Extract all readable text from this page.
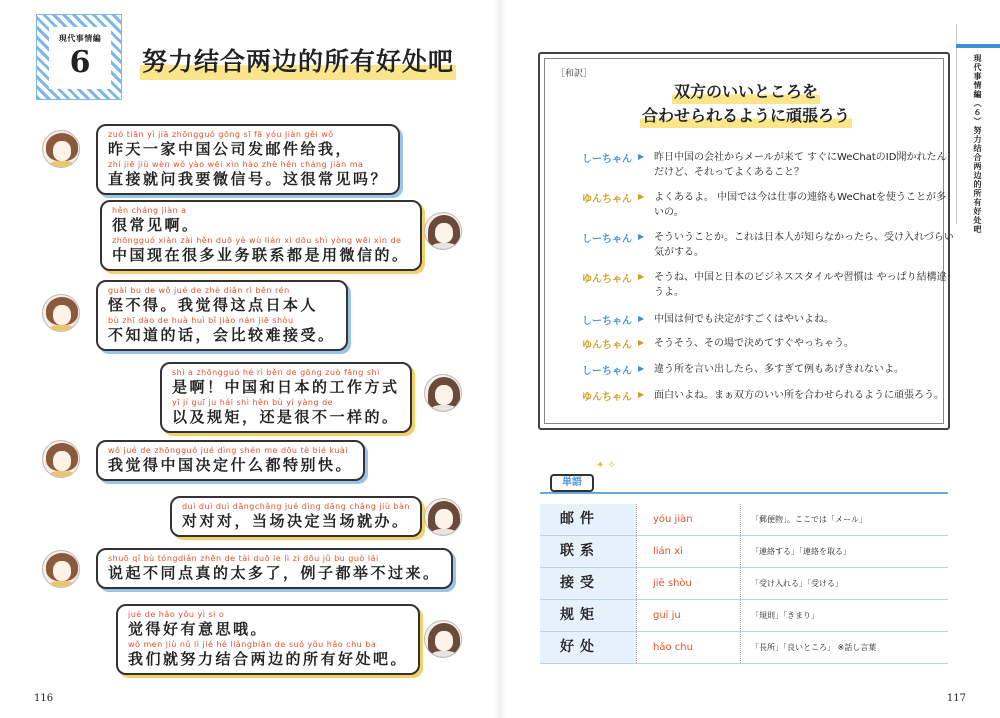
現代事情編
6	努力结合两边的所有好处吧
zuó tiān yì jiā zhōngguó gōng sī fā yóu jiàn gěi wǒ
昨天一家中国公司发邮件给我，
zhí jiē jiù wèn wǒ yào wēi xìn hào zhè hěn cháng jiàn ma
直接就问我要微信号。这很常见吗？
hěn cháng jiàn a
很常见啊。
zhōngguó xiàn zài hěn duō yè wù lián xì dōu shì yòng wēi xìn de
中国现在很多业务联系都是用微信的。
guài bu de wǒ jué de zhè diǎn rì běn rén
怪不得。我觉得这点日本人
bù zhī dào de huà huì bǐ jiào nán jiē shòu
不知道的话，会比较难接受。
shì a zhōngguó hé rì běn de gōng zuò fāng shì
是啊！中国和日本的工作方式
yǐ jí guī ju hái shì hěn bù yí yàng de
以及规矩，还是很不一样的。
wǒ jué de zhōngguó jué dìng shén me dōu tè bié kuài
我觉得中国决定什么都特别快。
duì duì duì dāngchǎng jué dìng dāng chǎng jiù bàn
对对对，当场决定当场就办。
shuō qǐ bù tóngdiǎn zhēn de tài duō le lì zi dōu jǔ bu guò lái
说起不同点真的太多了，例子都举不过来。
jué de hǎo yǒu yì si o
觉得好有意思哦。
wǒ men jiù nǔ lì jié hé liǎngbiān de suǒ yǒu hǎo chu ba
我们就努力结合两边的所有好处吧。
116
［和訳］
双方のいいところを
合わせられるように頑張ろう
しーちゃん ▶ 昨日中国の会社からメールが来て すぐにWeChatのID聞かれたんだけど、それってよくあること？
ゆんちゃん ▶ よくあるよ。 中国では今は仕事の連絡もWeChatを使うことが多いの。
しーちゃん ▶ そういうことか。これは日本人が知らなかったら、受け入れづらい気がする。
ゆんちゃん ▶ そうね、中国と日本のビジネススタイルや習慣は やっぱり結構違うよ。
しーちゃん ▶ 中国は何でも決定がすごくはやいよね。
ゆんちゃん ▶ そうそう、その場で決めてすぐやっちゃう。
しーちゃん ▶ 違う所を言い出したら、多すぎて例もあげきれないよ。
ゆんちゃん ▶ 面白いよね。まぁ双方のいい所を合わせられるように頑張ろう。
✦ ✧
単語
邮件	yóu jiàn	「郵便物」。ここでは「メール」
联系	lián xì	「連絡する」「連絡を取る」
接受	jiē shòu	「受け入れる」「受ける」
规矩	guī ju	「規則」「きまり」
好处	hǎo chu	「長所」「良いところ」 ※話し言葉
現代事情編（６）努力结合两边的所有好处吧
117
